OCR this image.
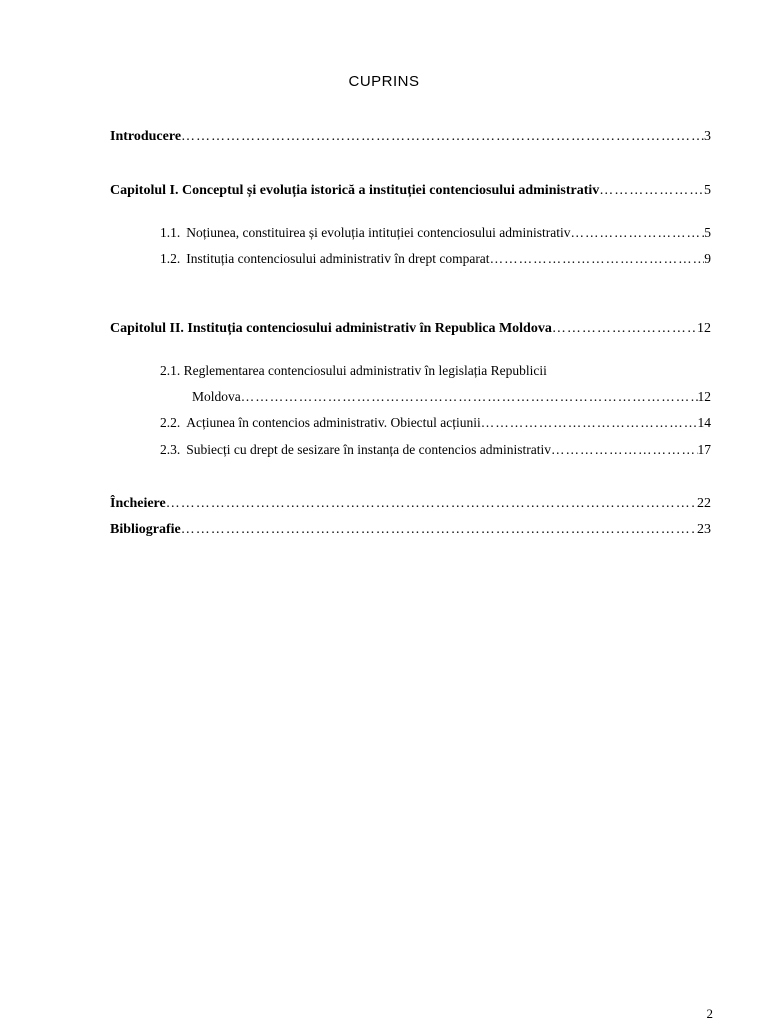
CUPRINS
Introducere ……………………………………………………………………………………………………………………………………………………………………………………………	3
Capitolul I. Conceptul și evoluția istorică a instituției contenciosului administrativ ……………………………………………………………………………………………………………………………………………………………………………………………	5
1.1. Noțiunea, constituirea și evoluția intituției contenciosului administrativ ……………………………………………………………………………………………………………………………………………………………………………………………	5
1.2. Instituția contenciosului administrativ în drept comparat ……………………………………………………………………………………………………………………………………………………………………………………………	9
Capitolul II. Instituția contenciosului administrativ în Republica Moldova ……………………………………………………………………………………………………………………………………………………………………………………………	12
2.1. Reglementarea contenciosului administrativ în legislația Republicii
Moldova ……………………………………………………………………………………………………………………………………………………………………………………………	12
2.2. Acțiunea în contencios administrativ. Obiectul acțiunii ……………………………………………………………………………………………………………………………………………………………………………………………	14
2.3. Subiecți cu drept de sesizare în instanța de contencios administrativ ……………………………………………………………………………………………………………………………………………………………………………………………	17
Încheiere ……………………………………………………………………………………………………………………………………………………………………………………………	22
Bibliografie ……………………………………………………………………………………………………………………………………………………………………………………………	23
2
